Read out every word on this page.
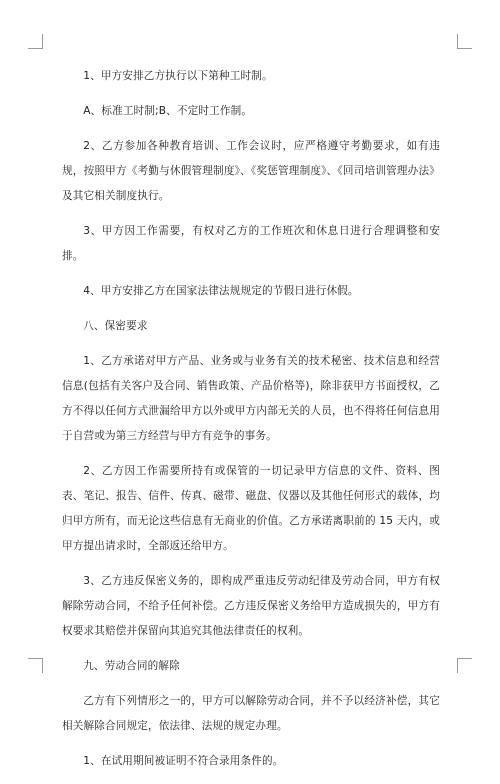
1、甲方安排乙方执行以下第种工时制。

A、标准工时制;B、不定时工作制。

2、乙方参加各种教育培训、工作会议时，应严格遵守考勤要求，如有违规，按照甲方《考勤与休假管理制度》、《奖惩管理制度》、《回司培训管理办法》及其它相关制度执行。

3、甲方因工作需要，有权对乙方的工作班次和休息日进行合理调整和安排。

4、甲方安排乙方在国家法律法规规定的节假日进行休假。

八、保密要求

1、乙方承诺对甲方产品、业务或与业务有关的技术秘密、技术信息和经营信息(包括有关客户及合同、销售政策、产品价格等)，除非获甲方书面授权，乙方不得以任何方式泄漏给甲方以外或甲方内部无关的人员，也不得将任何信息用于自营或为第三方经营与甲方有竞争的事务。

2、乙方因工作需要所持有或保管的一切记录甲方信息的文件、资料、图表、笔记、报告、信件、传真、磁带、磁盘、仪器以及其他任何形式的载体，均归甲方所有，而无论这些信息有无商业的价值。乙方承诺离职前的 15 天内，或甲方提出请求时，全部返还给甲方。

3、乙方违反保密义务的，即构成严重违反劳动纪律及劳动合同，甲方有权解除劳动合同，不给予任何补偿。乙方违反保密义务给甲方造成损失的，甲方有权要求其赔偿并保留向其追究其他法律责任的权利。

九、劳动合同的解除

乙方有下列情形之一的，甲方可以解除劳动合同，并不予以经济补偿，其它相关解除合同规定，依法律、法规的规定办理。

1、在试用期间被证明不符合录用条件的。
